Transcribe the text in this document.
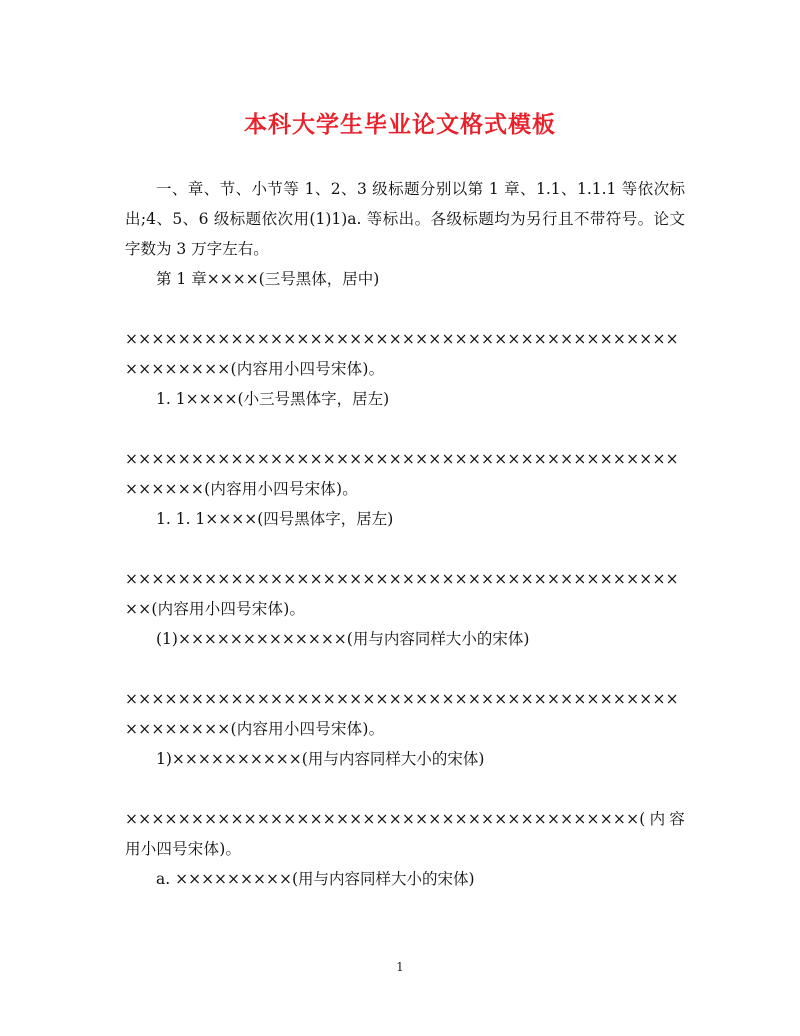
本科大学生毕业论文格式模板

一、章、节、小节等 1、2、3 级标题分别以第 1 章、1.1、1.1.1 等依次标出;4、5、6 级标题依次用(1)1)a. 等标出。各级标题均为另行且不带符号。论文字数为 3 万字左右。

第 1 章××××(三号黑体，居中)

××××××××××××××××××××××××××××××××××××××××××××××××××(内容用小四号宋体)。

1. 1××××(小三号黑体字，居左)

××××××××××××××××××××××××××××××××××××××××××××××××(内容用小四号宋体)。

1. 1. 1××××(四号黑体字，居左)

××××××××××××××××××××××××××××××××××××××××××××(内容用小四号宋体)。

(1)×××××××××××××(用与内容同样大小的宋体)

××××××××××××××××××××××××××××××××××××××××××××××××××(内容用小四号宋体)。

1)××××××××××(用与内容同样大小的宋体)

×××××××××××××××××××××××××××××××××××××××(内容用小四号宋体)。

a. ×××××××××(用与内容同样大小的宋体)

1
